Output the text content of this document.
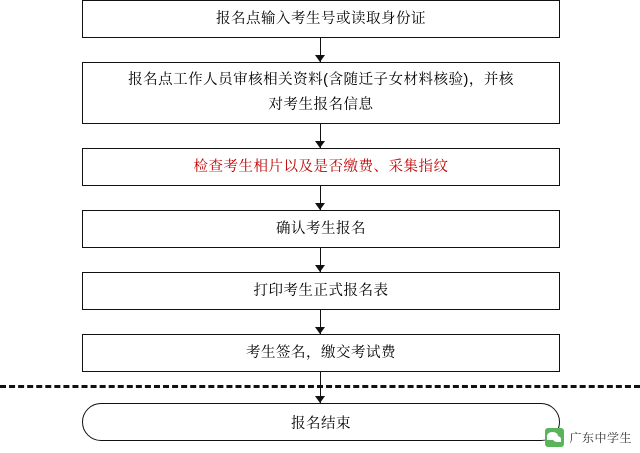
报名点输入考生号或读取身份证
报名点工作人员审核相关资料(含随迁子女材料核验)，并核
对考生报名信息
检查考生相片以及是否缴费、采集指纹
确认考生报名
打印考生正式报名表
考生签名，缴交考试费
报名结束
广东中学生
